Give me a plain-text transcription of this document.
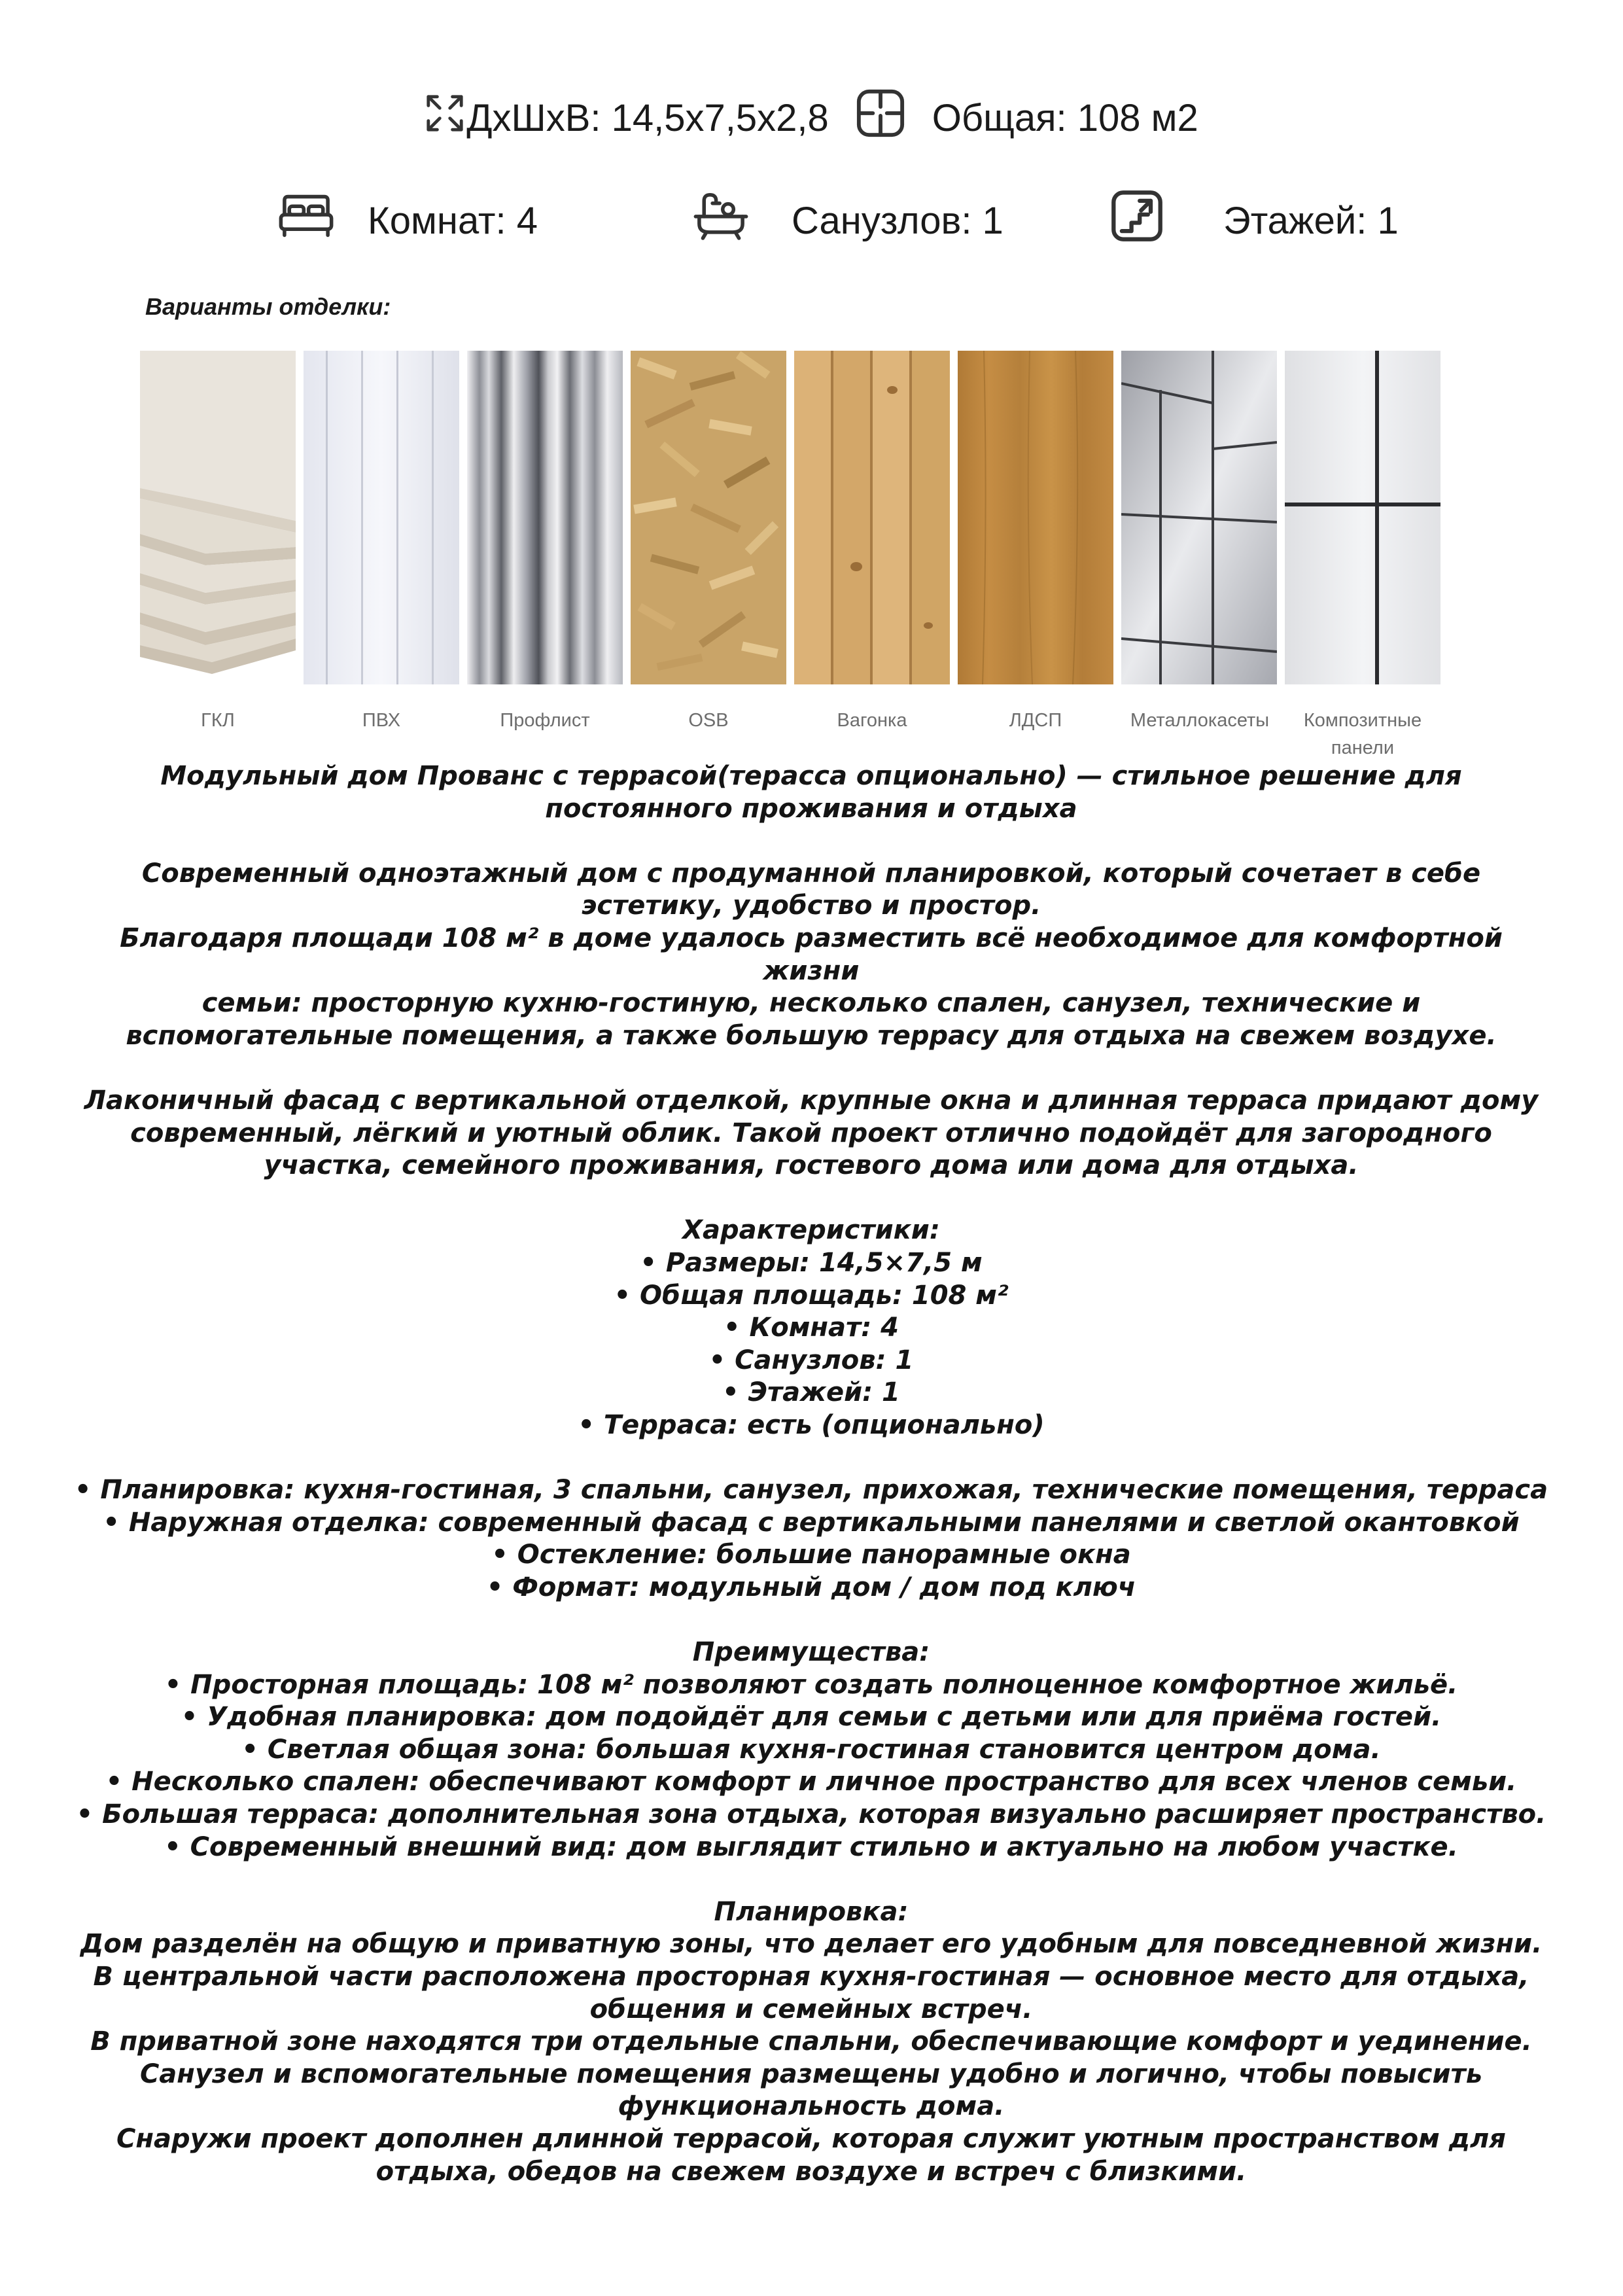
ДхШхВ: 14,5х7,5х2,8	Общая: 108 м2
Комнат: 4	Санузлов: 1	Этажей: 1
Варианты отделки:
ГКЛ	ПВХ	Профлист	OSB	Вагонка	ЛДСП	Металлокасеты	Композитные
панели

Модульный дом Прованс с террасой(терасса опционально) — стильное решение для

постоянного проживания и отдыха

Современный одноэтажный дом с продуманной планировкой, который сочетает в себе

эстетику, удобство и простор.

Благодаря площади 108 м² в доме удалось разместить всё необходимое для комфортной жизни

семьи: просторную кухню-гостиную, несколько спален, санузел, технические и

вспомогательные помещения, а также большую террасу для отдыха на свежем воздухе.

Лаконичный фасад с вертикальной отделкой, крупные окна и длинная терраса придают дому

современный, лёгкий и уютный облик. Такой проект отлично подойдёт для загородного

участка, семейного проживания, гостевого дома или дома для отдыха.

Характеристики:

• Размеры: 14,5×7,5 м

• Общая площадь: 108 м²

• Комнат: 4

• Санузлов: 1

• Этажей: 1

• Терраса: есть (опционально)

• Планировка: кухня-гостиная, 3 спальни, санузел, прихожая, технические помещения, терраса

• Наружная отделка: современный фасад с вертикальными панелями и светлой окантовкой

• Остекление: большие панорамные окна

• Формат: модульный дом / дом под ключ

Преимущества:

• Просторная площадь: 108 м² позволяют создать полноценное комфортное жильё.

• Удобная планировка: дом подойдёт для семьи с детьми или для приёма гостей.

• Светлая общая зона: большая кухня-гостиная становится центром дома.

• Несколько спален: обеспечивают комфорт и личное пространство для всех членов семьи.

• Большая терраса: дополнительная зона отдыха, которая визуально расширяет пространство.

• Современный внешний вид: дом выглядит стильно и актуально на любом участке.

Планировка:

Дом разделён на общую и приватную зоны, что делает его удобным для повседневной жизни.

В центральной части расположена просторная кухня-гостиная — основное место для отдыха,

общения и семейных встреч.

В приватной зоне находятся три отдельные спальни, обеспечивающие комфорт и уединение.

Санузел и вспомогательные помещения размещены удобно и логично, чтобы повысить

функциональность дома.

Снаружи проект дополнен длинной террасой, которая служит уютным пространством для

отдыха, обедов на свежем воздухе и встреч с близкими.
